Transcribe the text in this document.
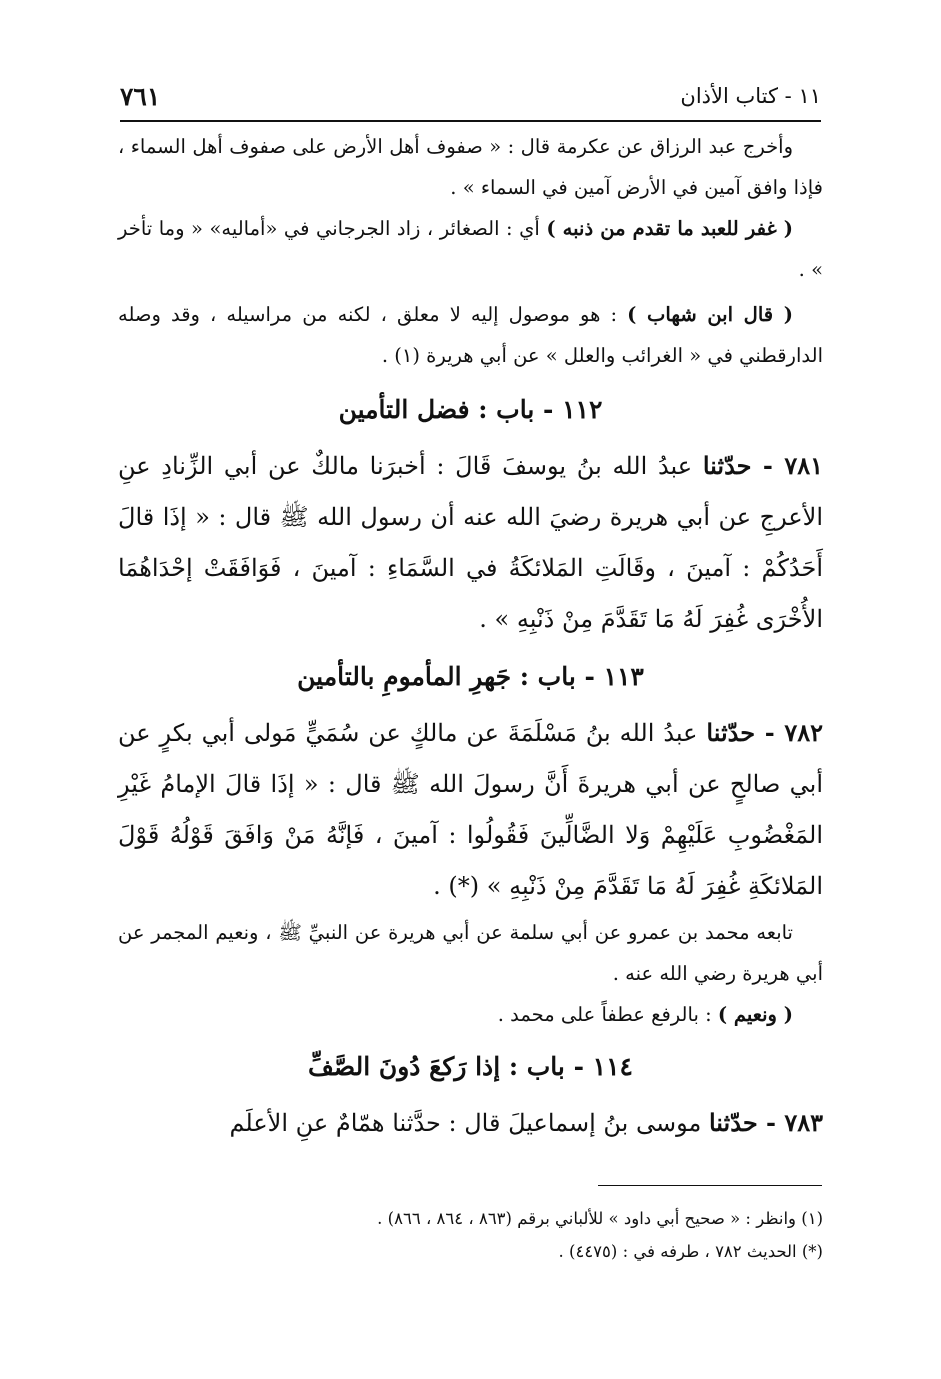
١١ - كتاب الأذان
٧٦١

وأخرج عبد الرزاق عن عكرمة قال : « صفوف أهل الأرض على صفوف أهل السماء ، فإذا وافق آمين في الأرض آمين في السماء » .

( غفر للعبد ما تقدم من ذنبه ) أي : الصغائر ، زاد الجرجاني في «أماليه» « وما تأخر » .

( قال ابن شهاب ) : هو موصول إليه لا معلق ، لكنه من مراسيله ، وقد وصله الدارقطني في « الغرائب والعلل » عن أبي هريرة (١) .

١١٢ - باب : فضل التأمين

٧٨١ - حدّثنا عبدُ الله بنُ يوسفَ قَالَ : أخبرَنا مالكٌ عن أبي الزِّنادِ عنِ الأعرجِ عن أبي هريرة رضيَ الله عنه أن رسول الله ﷺ قال : « إذَا قالَ أَحَدُكُمْ : آمينَ ، وقَالَتِ المَلائكَةُ في السَّمَاءِ : آمينَ ، فَوَافَقَتْ إحْدَاهُمَا الأُخْرَى غُفِرَ لَهُ مَا تَقَدَّمَ مِنْ ذَنْبِهِ » .

١١٣ - باب : جَهرِ المأمومِ بالتأمين

٧٨٢ - حدّثنا عبدُ الله بنُ مَسْلَمَةَ عن مالكٍ عن سُمَيٍّ مَولى أبي بكرٍ عن أبي صالحٍ عن أبي هريرةَ أَنَّ رسولَ الله ﷺ قال : « إذَا قالَ الإمامُ غَيْرِ المَغْضُوبِ عَلَيْهِمْ وَلا الضَّالِّينَ فَقُولُوا : آمينَ ، فَإنَّهُ مَنْ وَافَقَ قَوْلُهُ قَوْلَ المَلائكَةِ غُفِرَ لَهُ مَا تَقَدَّمَ مِنْ ذَنْبِهِ » (*) .

تابعه محمد بن عمرو عن أبي سلمة عن أبي هريرة عن النبيِّ ﷺ ، ونعيم المجمر عن أبي هريرة رضي الله عنه .

( ونعيم ) : بالرفع عطفاً على محمد .

١١٤ - باب : إذا رَكعَ دُونَ الصَّفِّ

٧٨٣ - حدّثنا موسى بنُ إسماعيلَ قال : حدَّثنا همّامٌ عنِ الأعلَم

(١) وانظر : « صحيح أبي داود » للألباني برقم (٨٦٣ ، ٨٦٤ ، ٨٦٦) .

(*) الحديث ٧٨٢ ، طرفه في : (٤٤٧٥) .
